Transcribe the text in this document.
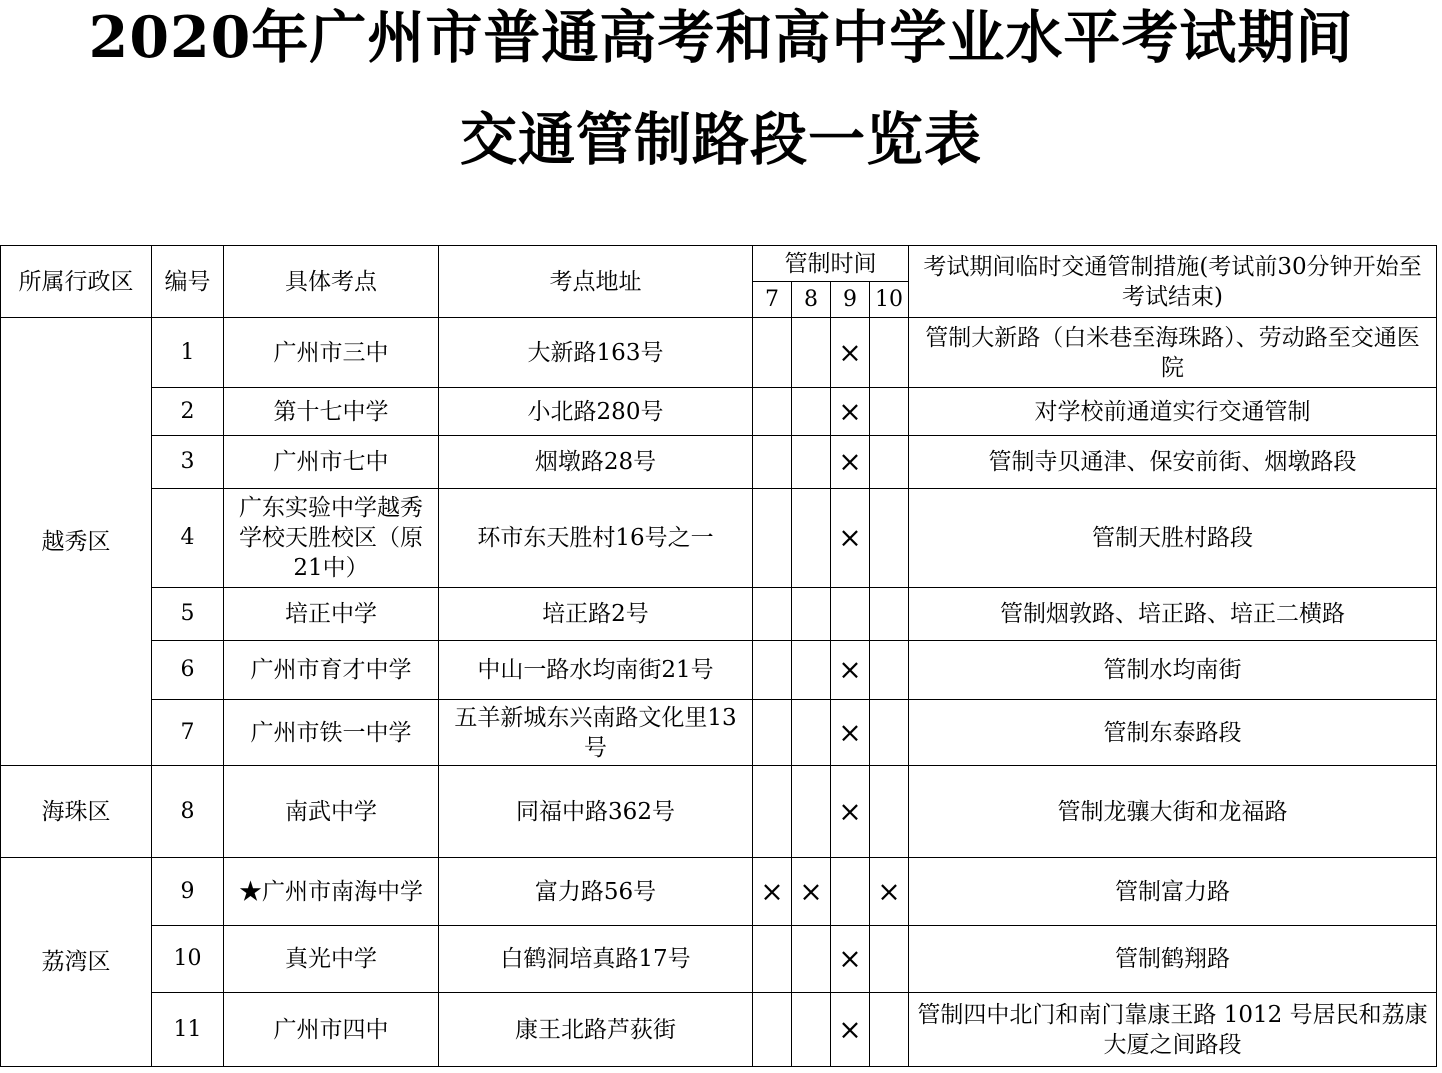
2020年广州市普通高考和高中学业水平考试期间
交通管制路段一览表
所属行政区	编号	具体考点	考点地址	管制时间				考试期间临时交通管制措施(考试前30分钟开始至考试结束)
				7	8	9	10	
越秀区	1	广州市三中	大新路163号			×		管制大新路（白米巷至海珠路）、劳动路至交通医院
	2	第十七中学	小北路280号			×		对学校前通道实行交通管制
	3	广州市七中	烟墩路28号			×		管制寺贝通津、保安前街、烟墩路段
	4	广东实验中学越秀学校天胜校区（原21中）	环市东天胜村16号之一			×		管制天胜村路段
	5	培正中学	培正路2号					管制烟敦路、培正路、培正二横路
	6	广州市育才中学	中山一路水均南街21号			×		管制水均南街
	7	广州市铁一中学	五羊新城东兴南路文化里13号			×		管制东泰路段
海珠区	8	南武中学	同福中路362号			×		管制龙骧大街和龙福路
荔湾区	9	★广州市南海中学	富力路56号	×	×		×	管制富力路
	10	真光中学	白鹤洞培真路17号			×		管制鹤翔路
	11	广州市四中	康王北路芦荻街			×		管制四中北门和南门靠康王路 1012 号居民和荔康大厦之间路段
